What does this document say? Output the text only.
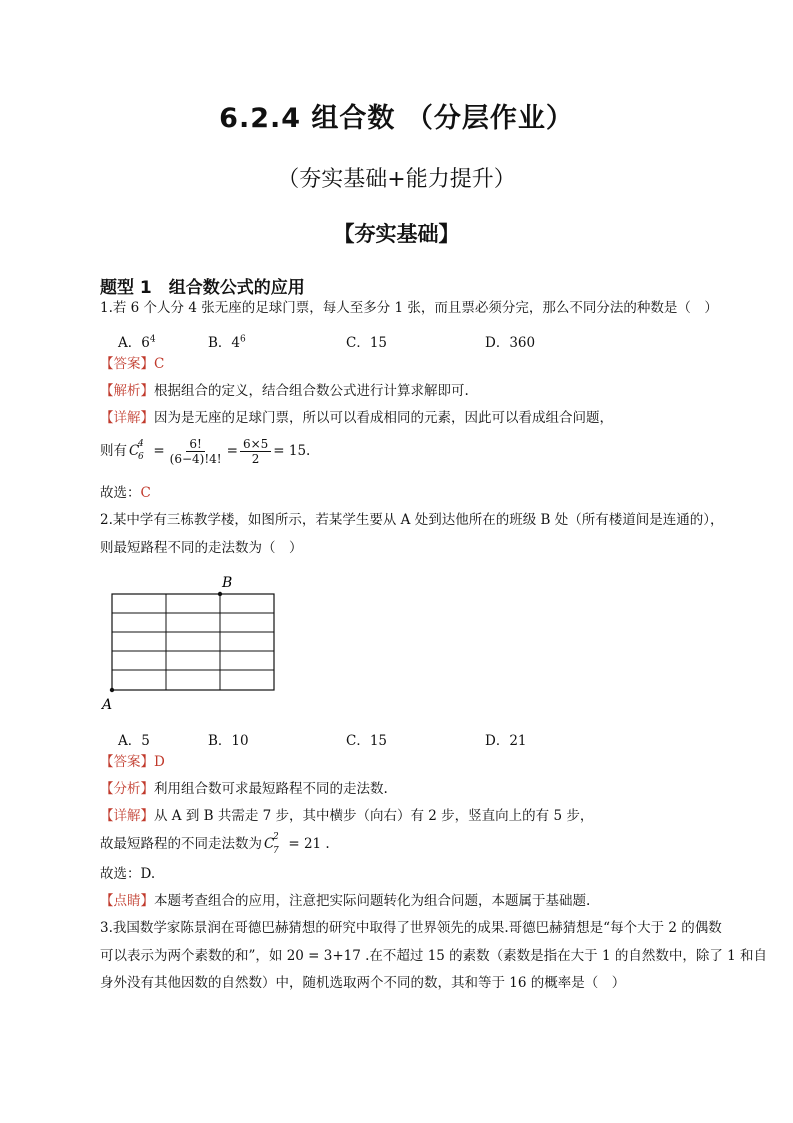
6.2.4 组合数 （分层作业）
（夯实基础+能力提升）
【夯实基础】
题型 1　组合数公式的应用
1.若 6 个人分 4 张无座的足球门票，每人至多分 1 张，而且票必须分完，那么不同分法的种数是（　）
A．$6^4$	B．$4^6$	C．15	D．360
【答案】C
【解析】根据组合的定义，结合组合数公式进行计算求解即可.
【详解】因为是无座的足球门票，所以可以看成相同的元素，因此可以看成组合问题，
则有 C
4
$6 = \frac{6!}{(6-4)!4!} = \frac{6\times 5}{2} = 15$.
故选：C
2.某中学有三栋教学楼，如图所示，若某学生要从 A 处到达他所在的班级 B 处（所有楼道间是连通的），
则最短路程不同的走法数为（　）
B
A
A．5	B．10	C．15	D．21
【答案】D
【分析】利用组合数可求最短路程不同的走法数.
【详解】从 A 到 B 共需走 7 步，其中横步（向右）有 2 步，竖直向上的有 5 步，
故最短路程的不同走法数为 C
2
7 = 21 .
故选：D.
【点睛】本题考查组合的应用，注意把实际问题转化为组合问题，本题属于基础题.
3.我国数学家陈景润在哥德巴赫猜想的研究中取得了世界领先的成果.哥德巴赫猜想是“每个大于 2 的偶数
可以表示为两个素数的和”，如 20 = 3+17 .在不超过 15 的素数（素数是指在大于 1 的自然数中，除了 1 和自
身外没有其他因数的自然数）中，随机选取两个不同的数，其和等于 16 的概率是（　）
